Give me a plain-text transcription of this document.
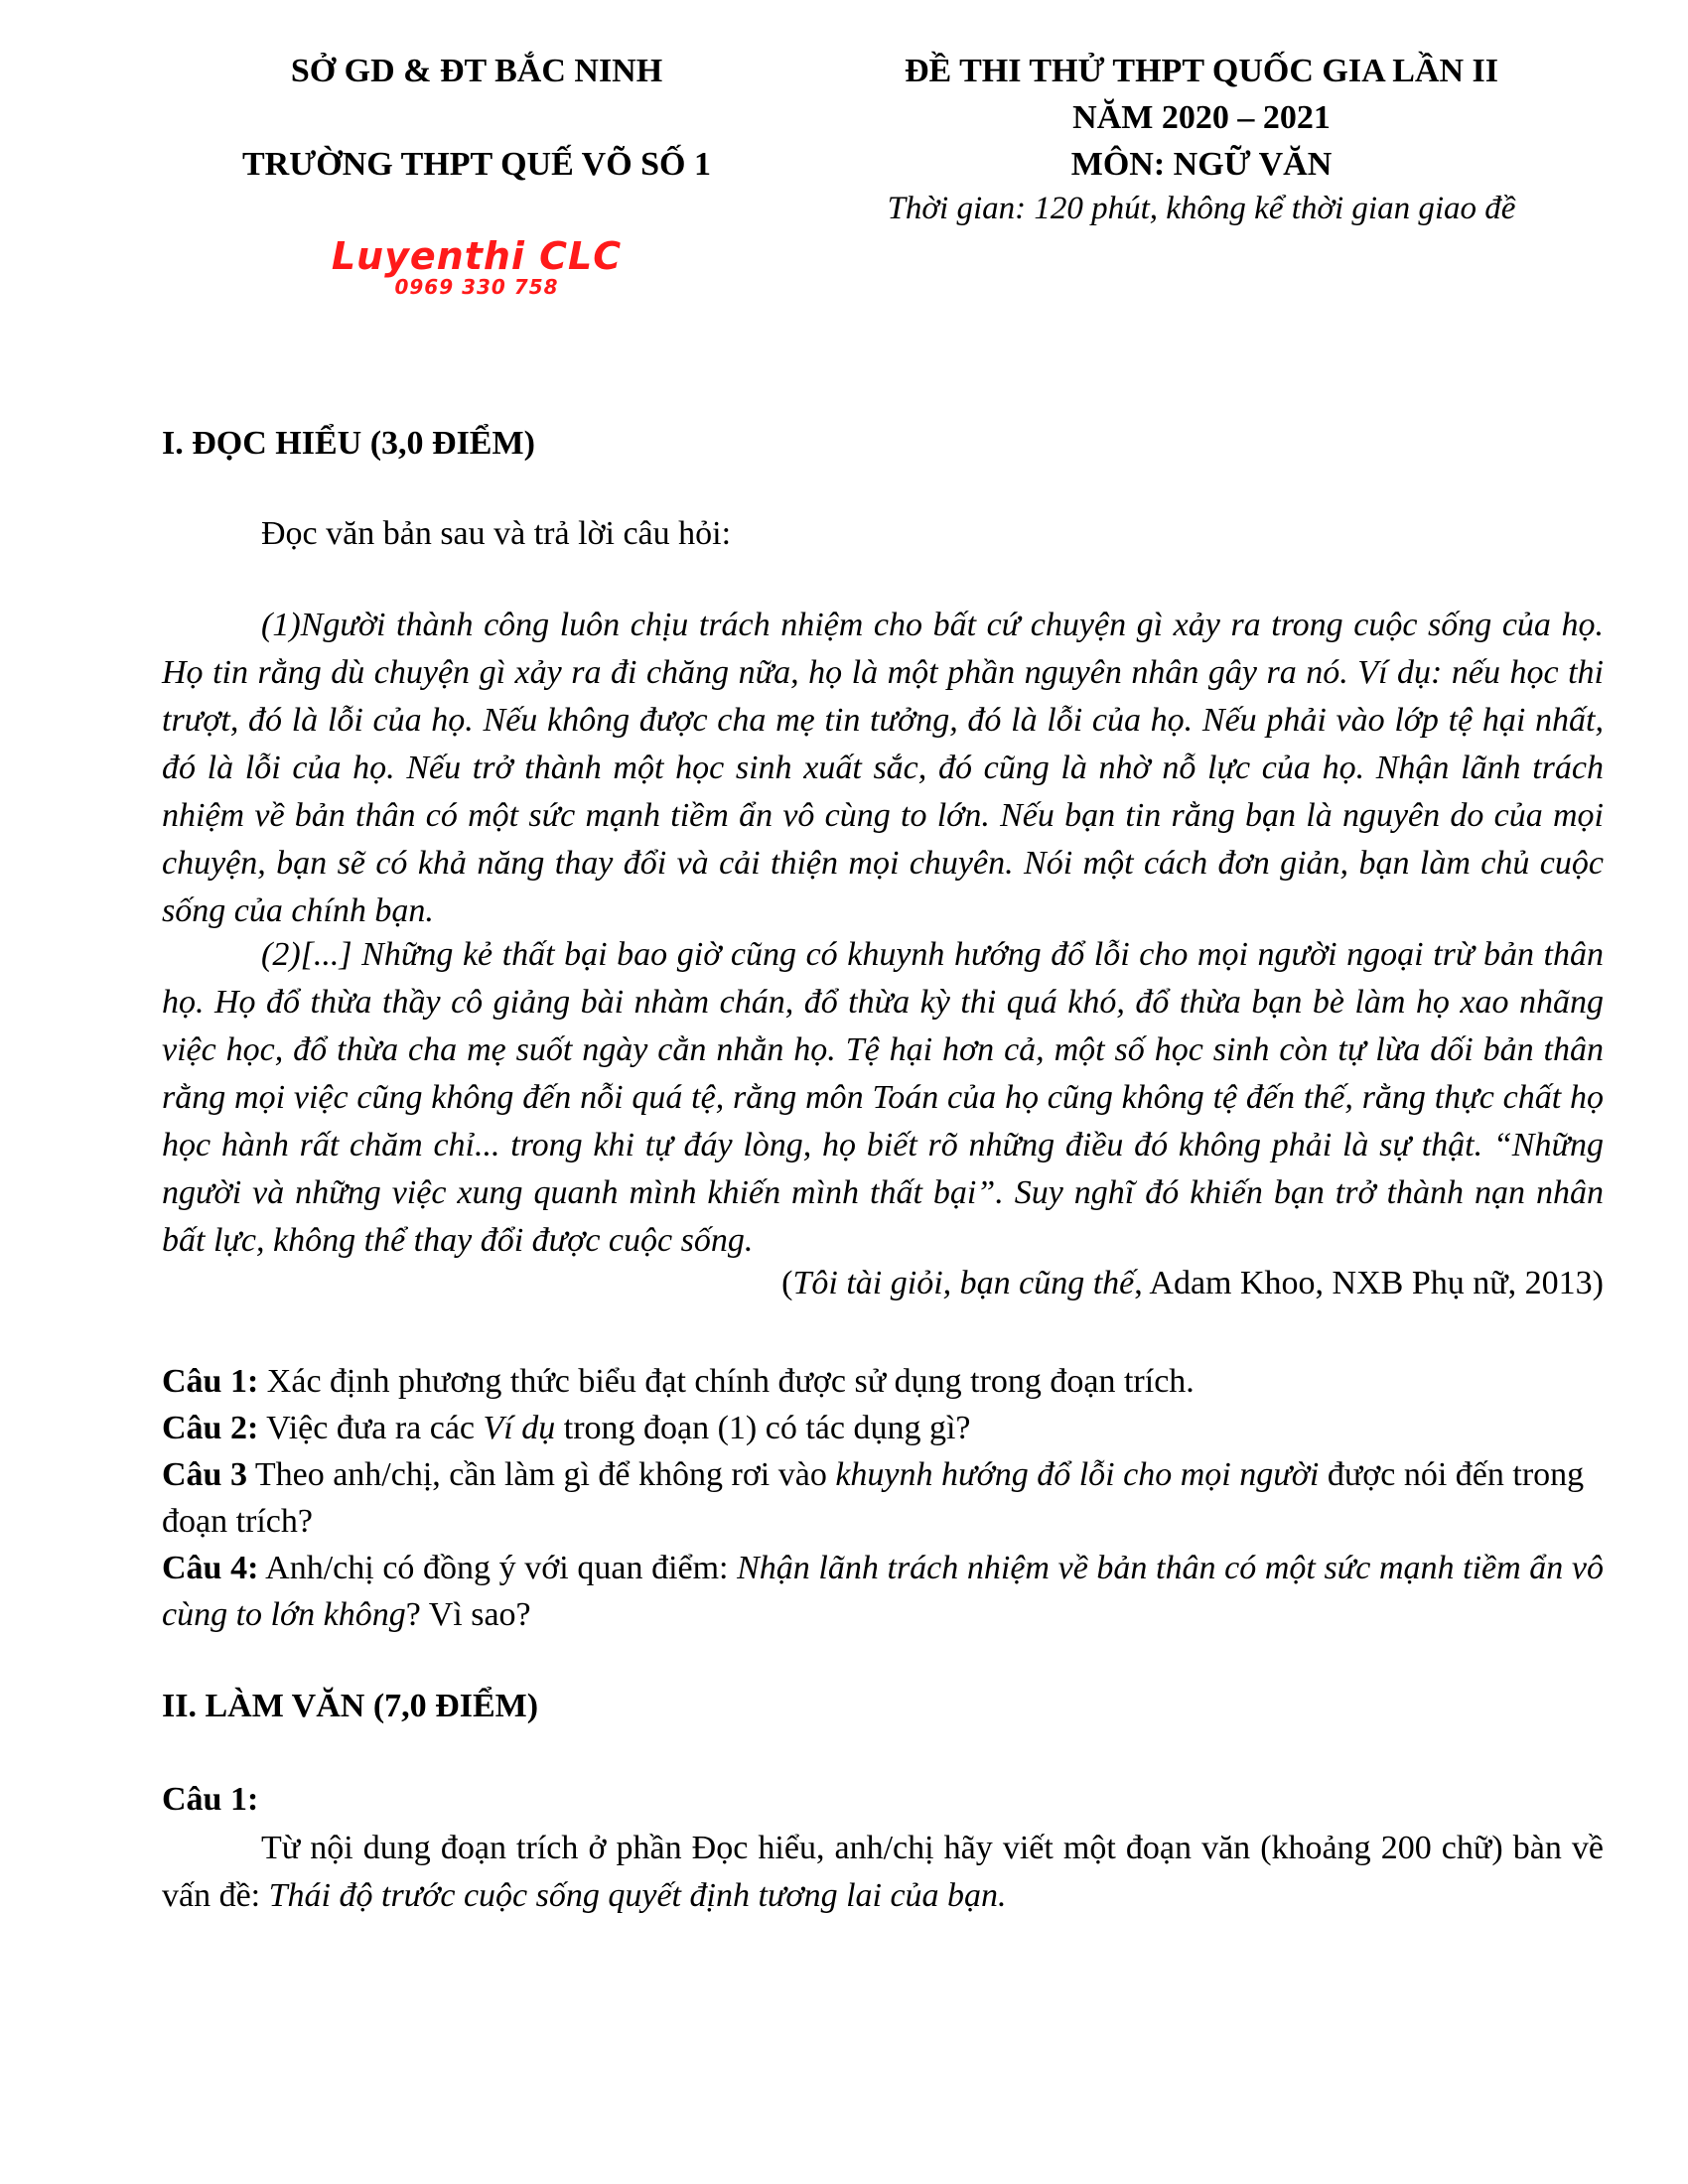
SỞ GD & ĐT BẮC NINH
TRƯỜNG THPT QUẾ VÕ SỐ 1
ĐỀ THI THỬ THPT QUỐC GIA LẦN II
NĂM 2020 – 2021
MÔN: NGỮ VĂN
Thời gian: 120 phút, không kể thời gian giao đề
Luyenthi CLC
0969 330 758
I. ĐỌC HIỂU (3,0 ĐIỂM)
Đọc văn bản sau và trả lời câu hỏi:
(1)Người thành công luôn chịu trách nhiệm cho bất cứ chuyện gì xảy ra trong cuộc sống của họ. Họ tin rằng dù chuyện gì xảy ra đi chăng nữa, họ là một phần nguyên nhân gây ra nó. Ví dụ: nếu học thi trượt, đó là lỗi của họ. Nếu không được cha mẹ tin tưởng, đó là lỗi của họ. Nếu phải vào lớp tệ hại nhất, đó là lỗi của họ. Nếu trở thành một học sinh xuất sắc, đó cũng là nhờ nỗ lực của họ. Nhận lãnh trách nhiệm về bản thân có một sức mạnh tiềm ẩn vô cùng to lớn. Nếu bạn tin rằng bạn là nguyên do của mọi chuyện, bạn sẽ có khả năng thay đổi và cải thiện mọi chuyên. Nói một cách đơn giản, bạn làm chủ cuộc sống của chính bạn.
(2)[...] Những kẻ thất bại bao giờ cũng có khuynh hướng đổ lỗi cho mọi người ngoại trừ bản thân họ. Họ đổ thừa thầy cô giảng bài nhàm chán, đổ thừa kỳ thi quá khó, đổ thừa bạn bè làm họ xao nhãng việc học, đổ thừa cha mẹ suốt ngày cằn nhằn họ. Tệ hại hơn cả, một số học sinh còn tự lừa dối bản thân rằng mọi việc cũng không đến nỗi quá tệ, rằng môn Toán của họ cũng không tệ đến thế, rằng thực chất họ học hành rất chăm chỉ... trong khi tự đáy lòng, họ biết rõ những điều đó không phải là sự thật. “Những người và những việc xung quanh mình khiến mình thất bại”. Suy nghĩ đó khiến bạn trở thành nạn nhân bất lực, không thể thay đổi được cuộc sống.
(Tôi tài giỏi, bạn cũng thế, Adam Khoo, NXB Phụ nữ, 2013)

Câu 1: Xác định phương thức biểu đạt chính được sử dụng trong đoạn trích.

Câu 2: Việc đưa ra các Ví dụ trong đoạn (1) có tác dụng gì?

Câu 3 Theo anh/chị, cần làm gì để không rơi vào khuynh hướng đổ lỗi cho mọi người được nói đến trong đoạn trích?

Câu 4: Anh/chị có đồng ý với quan điểm: Nhận lãnh trách nhiệm về bản thân có một sức mạnh tiềm ẩn vô cùng to lớn không? Vì sao?

II. LÀM VĂN (7,0 ĐIỂM)
Câu 1:
Từ nội dung đoạn trích ở phần Đọc hiểu, anh/chị hãy viết một đoạn văn (khoảng 200 chữ) bàn về vấn đề: Thái độ trước cuộc sống quyết định tương lai của bạn.
